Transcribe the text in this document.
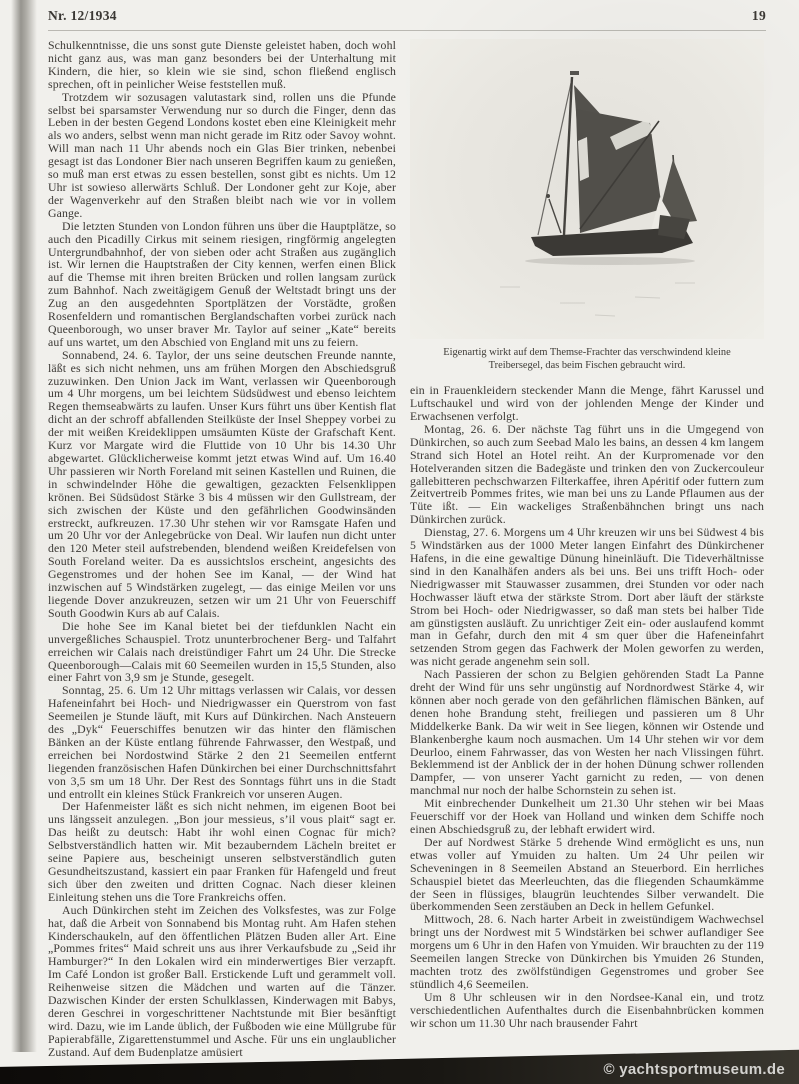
Nr. 12/1934	19

Schulkenntnisse, die uns sonst gute Dienste geleistet haben, doch wohl nicht ganz aus, was man ganz besonders bei der Unterhaltung mit Kindern, die hier, so klein wie sie sind, schon fließend englisch sprechen, oft in peinlicher Weise feststellen muß.

Trotzdem wir sozusagen valutastark sind, rollen uns die Pfunde selbst bei sparsamster Verwendung nur so durch die Finger, denn das Leben in der besten Gegend Londons kostet eben eine Kleinigkeit mehr als wo anders, selbst wenn man nicht gerade im Ritz oder Savoy wohnt. Will man nach 11 Uhr abends noch ein Glas Bier trinken, nebenbei gesagt ist das Londoner Bier nach unseren Begriffen kaum zu genießen, so muß man erst etwas zu essen bestellen, sonst gibt es nichts. Um 12 Uhr ist sowieso allerwärts Schluß. Der Londoner geht zur Koje, aber der Wagenverkehr auf den Straßen bleibt nach wie vor in vollem Gange.

Die letzten Stunden von London führen uns über die Hauptplätze, so auch den Picadilly Cirkus mit seinem riesigen, ringförmig angelegten Untergrundbahnhof, der von sieben oder acht Straßen aus zugänglich ist. Wir lernen die Hauptstraßen der City kennen, werfen einen Blick auf die Themse mit ihren breiten Brücken und rollen langsam zurück zum Bahnhof. Nach zweitägigem Genuß der Weltstadt bringt uns der Zug an den ausgedehnten Sportplätzen der Vorstädte, großen Rosenfeldern und romantischen Berglandschaften vorbei zurück nach Queenborough, wo unser braver Mr. Taylor auf seiner „Kate“ bereits auf uns wartet, um den Abschied von England mit uns zu feiern.

Sonnabend, 24. 6. Taylor, der uns seine deutschen Freunde nannte, läßt es sich nicht nehmen, uns am frühen Morgen den Abschiedsgruß zuzuwinken. Den Union Jack im Want, verlassen wir Queenborough um 4 Uhr morgens, um bei leichtem Südsüdwest und ebenso leichtem Regen themseabwärts zu laufen. Unser Kurs führt uns über Kentish flat dicht an der schroff abfallenden Steilküste der Insel Sheppey vorbei zu der mit weißen Kreideklippen umsäumten Küste der Grafschaft Kent. Kurz vor Margate wird die Fluttide von 10 Uhr bis 14.30 Uhr abgewartet. Glücklicherweise kommt jetzt etwas Wind auf. Um 16.40 Uhr passieren wir North Foreland mit seinen Kastellen und Ruinen, die in schwindelnder Höhe die gewaltigen, gezackten Felsenklippen krönen. Bei Südsüdost Stärke 3 bis 4 müssen wir den Gullstream, der sich zwischen der Küste und den gefährlichen Goodwinsänden erstreckt, aufkreuzen. 17.30 Uhr stehen wir vor Ramsgate Hafen und um 20 Uhr vor der Anlegebrücke von Deal. Wir laufen nun dicht unter den 120 Meter steil aufstrebenden, blendend weißen Kreidefelsen von South Foreland weiter. Da es aussichtslos erscheint, angesichts des Gegenstromes und der hohen See im Kanal, — der Wind hat inzwischen auf 5 Windstärken zugelegt, — das einige Meilen vor uns liegende Dover anzukreuzen, setzen wir um 21 Uhr von Feuerschiff South Goodwin Kurs ab auf Calais.

Die hohe See im Kanal bietet bei der tiefdunklen Nacht ein unvergeßliches Schauspiel. Trotz ununterbrochener Berg- und Talfahrt erreichen wir Calais nach dreistündiger Fahrt um 24 Uhr. Die Strecke Queenborough—Calais mit 60 Seemeilen wurden in 15,5 Stunden, also einer Fahrt von 3,9 sm je Stunde, gesegelt.

Sonntag, 25. 6. Um 12 Uhr mittags verlassen wir Calais, vor dessen Hafeneinfahrt bei Hoch- und Niedrigwasser ein Querstrom von fast Seemeilen je Stunde läuft, mit Kurs auf Dünkirchen. Nach Ansteuern des „Dyk“ Feuerschiffes benutzen wir das hinter den flämischen Bänken an der Küste entlang führende Fahrwasser, den Westpaß, und erreichen bei Nordostwind Stärke 2 den 21 Seemeilen entfernt liegenden französischen Hafen Dünkirchen bei einer Durchschnittsfahrt von 3,5 sm um 18 Uhr. Der Rest des Sonntags führt uns in die Stadt und entrollt ein kleines Stück Frankreich vor unseren Augen.

Der Hafenmeister läßt es sich nicht nehmen, im eigenen Boot bei uns längsseit anzulegen. „Bon jour messieus, s’il vous plait“ sagt er. Das heißt zu deutsch: Habt ihr wohl einen Cognac für mich? Selbstverständlich hatten wir. Mit bezauberndem Lächeln breitet er seine Papiere aus, bescheinigt unseren selbstverständlich guten Gesundheitszustand, kassiert ein paar Franken für Hafengeld und freut sich über den zweiten und dritten Cognac. Nach dieser kleinen Einleitung stehen uns die Tore Frankreichs offen.

Auch Dünkirchen steht im Zeichen des Volksfestes, was zur Folge hat, daß die Arbeit von Sonnabend bis Montag ruht. Am Hafen stehen Kinderschaukeln, auf den öffentlichen Plätzen Buden aller Art. Eine „Pommes frites“ Maid schreit uns aus ihrer Verkaufsbude zu „Seid ihr Hamburger?“ In den Lokalen wird ein minderwertiges Bier verzapft. Im Café London ist großer Ball. Erstickende Luft und gerammelt voll. Reihenweise sitzen die Mädchen und warten auf die Tänzer. Dazwischen Kinder der ersten Schulklassen, Kinderwagen mit Babys, deren Geschrei in vorgeschrittener Nachtstunde mit Bier besänftigt wird. Dazu, wie im Lande üblich, der Fußboden wie eine Müllgrube für Papierabfälle, Zigarettenstummel und Asche. Für uns ein unglaublicher Zustand. Auf dem Budenplatze amüsiert

Eigenartig wirkt auf dem Themse-Frachter das verschwindend kleine Treibersegel, das beim Fischen gebraucht wird.

ein in Frauenkleidern steckender Mann die Menge, fährt Karussel und Luftschaukel und wird von der johlenden Menge der Kinder und Erwachsenen verfolgt.

Montag, 26. 6. Der nächste Tag führt uns in die Umgegend von Dünkirchen, so auch zum Seebad Malo les bains, an dessen 4 km langem Strand sich Hotel an Hotel reiht. An der Kurpromenade vor den Hotelveranden sitzen die Badegäste und trinken den von Zuckercouleur gallebitteren pechschwarzen Filterkaffee, ihren Apéritif oder futtern zum Zeitvertreib Pommes frites, wie man bei uns zu Lande Pflaumen aus der Tüte ißt. — Ein wackeliges Straßenbähnchen bringt uns nach Dünkirchen zurück.

Dienstag, 27. 6. Morgens um 4 Uhr kreuzen wir uns bei Südwest 4 bis 5 Windstärken aus der 1000 Meter langen Einfahrt des Dünkirchener Hafens, in die eine gewaltige Dünung hineinläuft. Die Tideverhältnisse sind in den Kanalhäfen anders als bei uns. Bei uns trifft Hoch- oder Niedrigwasser mit Stauwasser zusammen, drei Stunden vor oder nach Hochwasser läuft etwa der stärkste Strom. Dort aber läuft der stärkste Strom bei Hoch- oder Niedrigwasser, so daß man stets bei halber Tide am günstigsten ausläuft. Zu unrichtiger Zeit ein- oder auslaufend kommt man in Gefahr, durch den mit 4 sm quer über die Hafeneinfahrt setzenden Strom gegen das Fachwerk der Molen geworfen zu werden, was nicht gerade angenehm sein soll.

Nach Passieren der schon zu Belgien gehörenden Stadt La Panne dreht der Wind für uns sehr ungünstig auf Nordnordwest Stärke 4, wir können aber noch gerade von den gefährlichen flämischen Bänken, auf denen hohe Brandung steht, freiliegen und passieren um 8 Uhr Middelkerke Bank. Da wir weit in See liegen, können wir Ostende und Blankenberghe kaum noch ausmachen. Um 14 Uhr stehen wir vor dem Deurloo, einem Fahrwasser, das von Westen her nach Vlissingen führt. Beklemmend ist der Anblick der in der hohen Dünung schwer rollenden Dampfer, — von unserer Yacht garnicht zu reden, — von denen manchmal nur noch der halbe Schornstein zu sehen ist.

Mit einbrechender Dunkelheit um 21.30 Uhr stehen wir bei Maas Feuerschiff vor der Hoek van Holland und winken dem Schiffe noch einen Abschiedsgruß zu, der lebhaft erwidert wird.

Der auf Nordwest Stärke 5 drehende Wind ermöglicht es uns, nun etwas voller auf Ymuiden zu halten. Um 24 Uhr peilen wir Scheveningen in 8 Seemeilen Abstand an Steuerbord. Ein herrliches Schauspiel bietet das Meerleuchten, das die fliegenden Schaumkämme der Seen in flüssiges, blaugrün leuchtendes Silber verwandelt. Die überkommenden Seen zerstäuben an Deck in hellem Gefunkel.

Mittwoch, 28. 6. Nach harter Arbeit in zweistündigem Wachwechsel bringt uns der Nordwest mit 5 Windstärken bei schwer auflandiger See morgens um 6 Uhr in den Hafen von Ymuiden. Wir brauchten zu der 119 Seemeilen langen Strecke von Dünkirchen bis Ymuiden 26 Stunden, machten trotz des zwölfstündigen Gegenstromes und grober See stündlich 4,6 Seemeilen.

Um 8 Uhr schleusen wir in den Nordsee-Kanal ein, und trotz verschiedentlichen Aufenthaltes durch die Eisenbahnbrücken kommen wir schon um 11.30 Uhr nach brausender Fahrt

© yachtsportmuseum.de
